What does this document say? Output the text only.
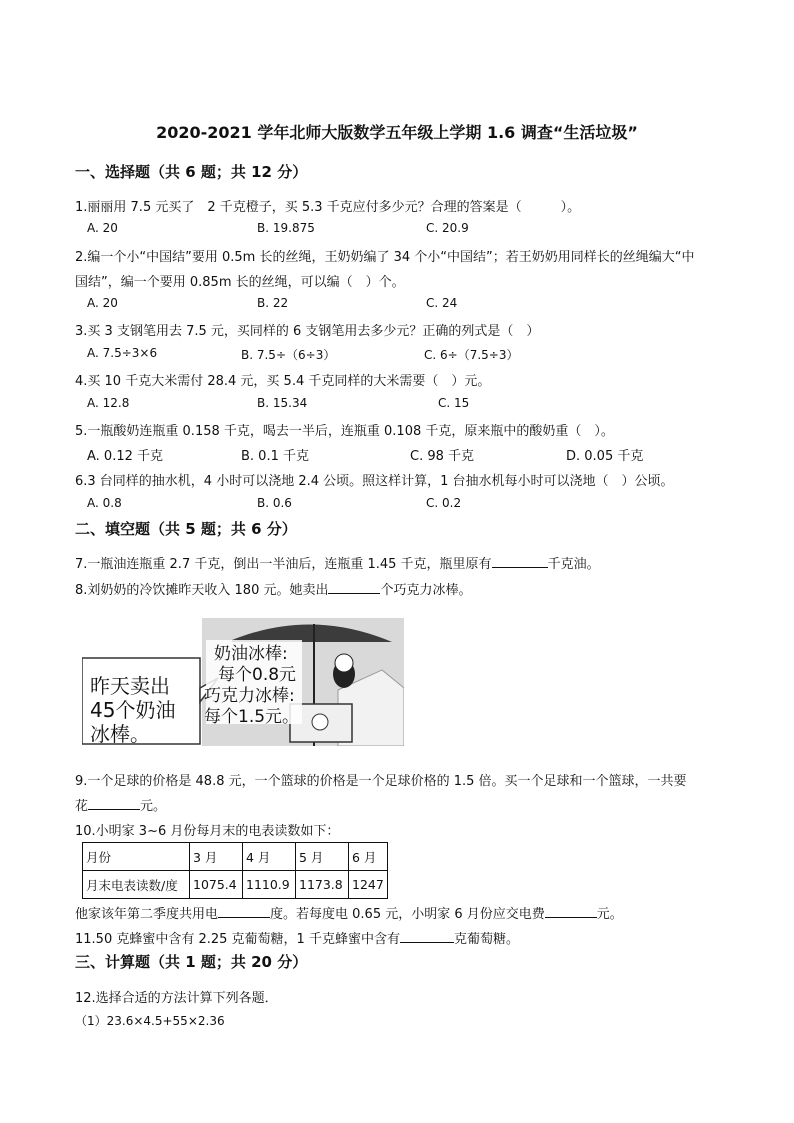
2020-2021 学年北师大版数学五年级上学期 1.6 调查“生活垃圾”
一、选择题（共 6 题；共 12 分）
1.丽丽用 7.5 元买了　2 千克橙子，买 5.3 千克应付多少元？合理的答案是（　　　）。
A. 20	B. 19.875	C. 20.9
2.编一个小“中国结”要用 0.5m 长的丝绳，王奶奶编了 34 个小“中国结”；若王奶奶用同样长的丝绳编大“中
国结”，编一个要用 0.85m 长的丝绳，可以编（　）个。
A. 20	B. 22	C. 24
3.买 3 支钢笔用去 7.5 元，买同样的 6 支钢笔用去多少元？正确的列式是（　）
A. 7.5÷3×6	B. 7.5÷（6÷3）	C. 6÷（7.5÷3）
4.买 10 千克大米需付 28.4 元，买 5.4 千克同样的大米需要（　）元。
A. 12.8	B. 15.34	C. 15
5.一瓶酸奶连瓶重 0.158 千克，喝去一半后，连瓶重 0.108 千克，原来瓶中的酸奶重（　）。
A. 0.12 千克	B. 0.1 千克	C. 98 千克	D. 0.05 千克
6.3 台同样的抽水机，4 小时可以浇地 2.4 公顷。照这样计算，1 台抽水机每小时可以浇地（　）公顷。
A. 0.8	B. 0.6	C. 0.2
二、填空题（共 5 题；共 6 分）
7.一瓶油连瓶重 2.7 千克，倒出一半油后，连瓶重 1.45 千克，瓶里原有	千克油。
8.刘奶奶的冷饮摊昨天收入 180 元。她卖出	个巧克力冰棒。
昨天卖出
45个奶油
冰棒。
奶油冰棒:
每个0.8元
巧克力冰棒:
每个1.5元。
9.一个足球的价格是 48.8 元，一个篮球的价格是一个足球价格的 1.5 倍。买一个足球和一个篮球，一共要
花	元。
10.小明家 3~6 月份每月末的电表读数如下：
月份	3 月	4 月	5 月	6 月
月末电表读数/度	1075.4	1110.9	1173.8	1247
他家该年第二季度共用电	度。若每度电 0.65 元，小明家 6 月份应交电费	元。
11.50 克蜂蜜中含有 2.25 克葡萄糖，1 千克蜂蜜中含有	克葡萄糖。
三、计算题（共 1 题；共 20 分）
12.选择合适的方法计算下列各题．
（1）23.6×4.5+55×2.36
